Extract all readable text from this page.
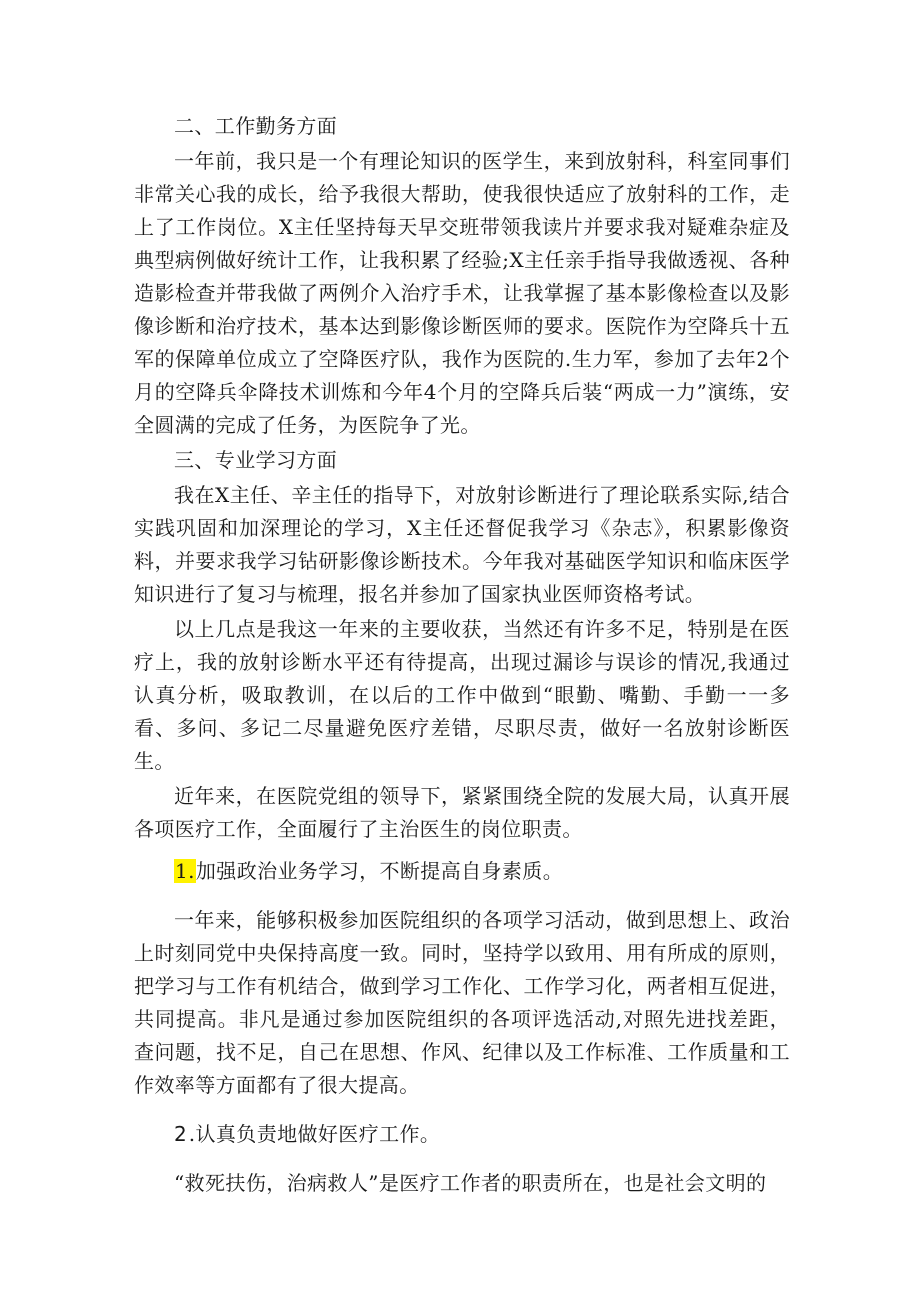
二、工作勤务方面

一年前，我只是一个有理论知识的医学生，来到放射科，科室同事们非常关心我的成长，给予我很大帮助，使我很快适应了放射科的工作，走上了工作岗位。X主任坚持每天早交班带领我读片并要求我对疑难杂症及典型病例做好统计工作，让我积累了经验;X主任亲手指导我做透视、各种造影检查并带我做了两例介入治疗手术，让我掌握了基本影像检查以及影像诊断和治疗技术，基本达到影像诊断医师的要求。医院作为空降兵十五军的保障单位成立了空降医疗队，我作为医院的.生力军，参加了去年2个月的空降兵伞降技术训炼和今年4个月的空降兵后装“两成一力”演练，安全圆满的完成了任务，为医院争了光。

三、专业学习方面

我在X主任、辛主任的指导下，对放射诊断进行了理论联系实际,结合实践巩固和加深理论的学习，X主任还督促我学习《杂志》，积累影像资料，并要求我学习钻研影像诊断技术。今年我对基础医学知识和临床医学知识进行了复习与梳理，报名并参加了国家执业医师资格考试。

以上几点是我这一年来的主要收获，当然还有许多不足，特别是在医疗上，我的放射诊断水平还有待提高，出现过漏诊与误诊的情况,我通过认真分析，吸取教训，在以后的工作中做到“眼勤、嘴勤、手勤一一多看、多问、多记二尽量避免医疗差错，尽职尽责，做好一名放射诊断医生。

近年来，在医院党组的领导下，紧紧围绕全院的发展大局，认真开展各项医疗工作，全面履行了主治医生的岗位职责。

1.加强政治业务学习，不断提高自身素质。

一年来，能够积极参加医院组织的各项学习活动，做到思想上、政治上时刻同党中央保持高度一致。同时，坚持学以致用、用有所成的原则，把学习与工作有机结合，做到学习工作化、工作学习化，两者相互促进，共同提高。非凡是通过参加医院组织的各项评选活动,对照先进找差距，查问题，找不足，自己在思想、作风、纪律以及工作标准、工作质量和工作效率等方面都有了很大提高。

2.认真负责地做好医疗工作。

“救死扶伤，治病救人”是医疗工作者的职责所在，也是社会文明的
